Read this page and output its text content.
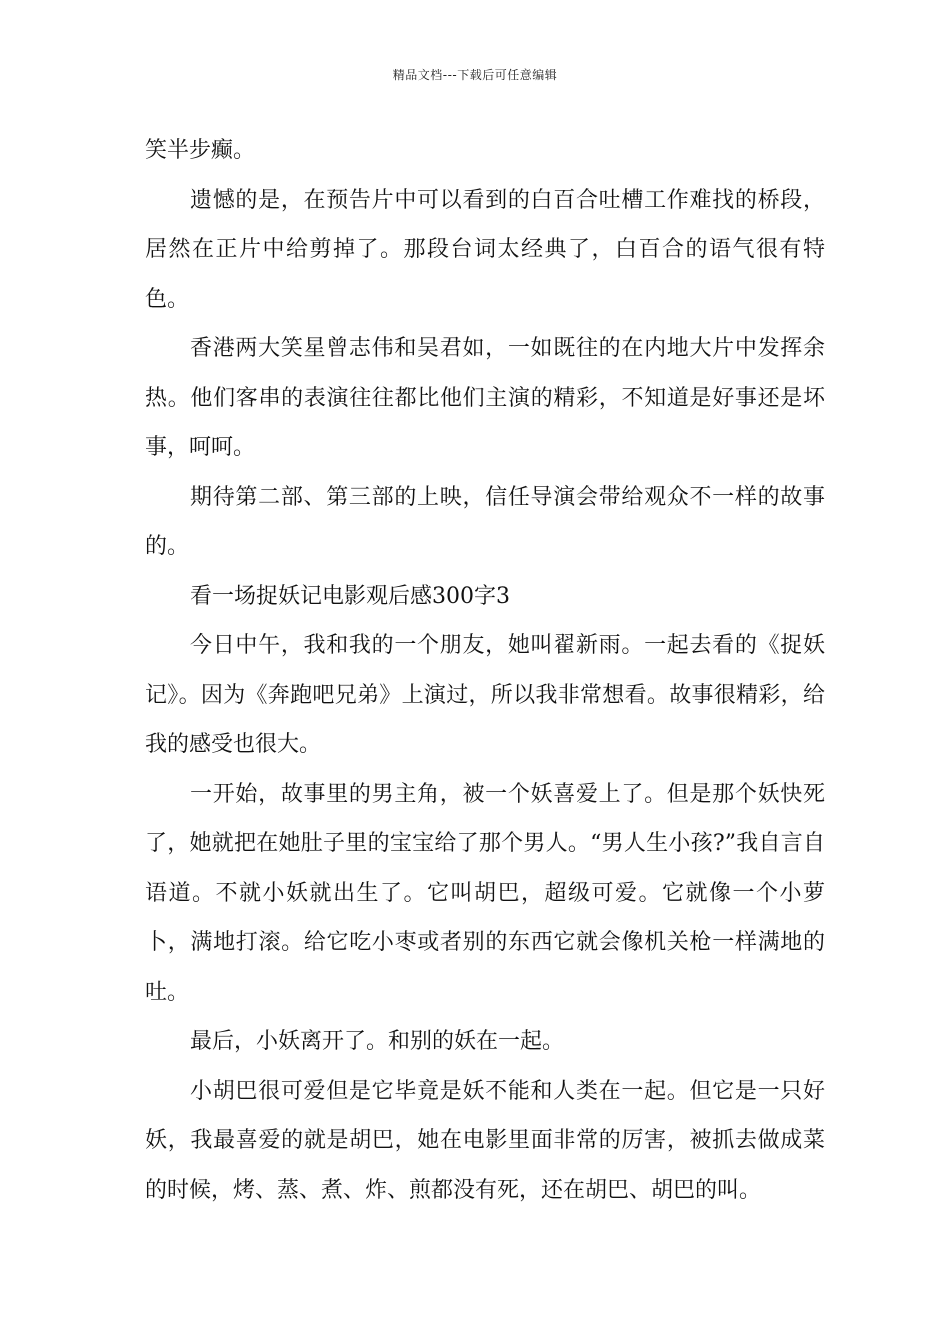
精品文档---下载后可任意编辑

笑半步癫。

遗憾的是，在预告片中可以看到的白百合吐槽工作难找的桥段，居然在正片中给剪掉了。那段台词太经典了，白百合的语气很有特色。

香港两大笑星曾志伟和吴君如，一如既往的在内地大片中发挥余热。他们客串的表演往往都比他们主演的精彩，不知道是好事还是坏事，呵呵。

期待第二部、第三部的上映，信任导演会带给观众不一样的故事的。

看一场捉妖记电影观后感300字3

今日中午，我和我的一个朋友，她叫翟新雨。一起去看的《捉妖记》。因为《奔跑吧兄弟》上演过，所以我非常想看。故事很精彩，给我的感受也很大。

一开始，故事里的男主角，被一个妖喜爱上了。但是那个妖快死了，她就把在她肚子里的宝宝给了那个男人。“男人生小孩?”我自言自语道。不就小妖就出生了。它叫胡巴，超级可爱。它就像一个小萝卜，满地打滚。给它吃小枣或者别的东西它就会像机关枪一样满地的吐。

最后，小妖离开了。和别的妖在一起。

小胡巴很可爱但是它毕竟是妖不能和人类在一起。但它是一只好妖，我最喜爱的就是胡巴，她在电影里面非常的厉害，被抓去做成菜的时候，烤、蒸、煮、炸、煎都没有死，还在胡巴、胡巴的叫。
